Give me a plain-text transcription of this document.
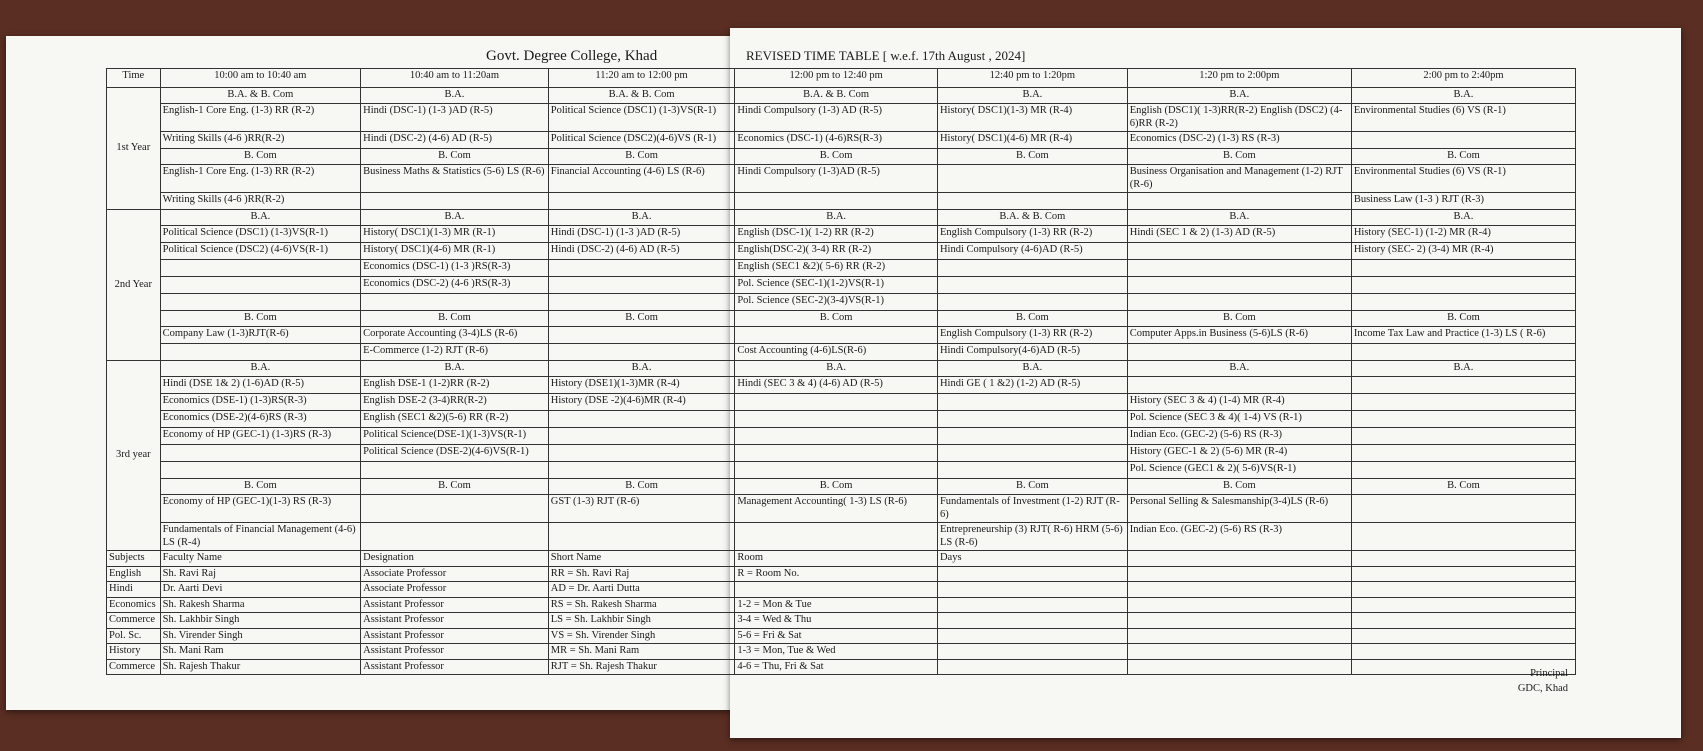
Govt. Degree College, Khad	REVISED TIME TABLE [ w.e.f. 17th August , 2024]
Time	10:00 am to 10:40 am	10:40 am to 11:20am	11:20 am to 12:00 pm	12:00 pm to 12:40 pm	12:40 pm to 1:20pm	1:20 pm to 2:00pm	2:00 pm to 2:40pm
1st Year	B.A. & B. Com	B.A.	B.A. & B. Com	B.A. & B. Com	B.A.	B.A.	B.A.
	English-1 Core Eng. (1-3) RR (R-2)	Hindi (DSC-1) (1-3 )AD (R-5)	Political Science (DSC1) (1-3)VS(R-1)	Hindi Compulsory (1-3) AD (R-5)	History( DSC1)(1-3) MR (R-4)	English (DSC1)( 1-3)RR(R-2) English (DSC2) (4-6)RR (R-2)	Environmental Studies (6) VS (R-1)
	Writing Skills (4-6 )RR(R-2)	Hindi (DSC-2) (4-6) AD (R-5)	Political Science (DSC2)(4-6)VS (R-1)	Economics (DSC-1) (4-6)RS(R-3)	History( DSC1)(4-6) MR (R-4)	Economics (DSC-2) (1-3) RS (R-3)	
	B. Com	B. Com	B. Com	B. Com	B. Com	B. Com	B. Com
	English-1 Core Eng. (1-3) RR (R-2)	Business Maths & Statistics (5-6) LS (R-6)	Financial Accounting (4-6) LS (R-6)	Hindi Compulsory (1-3)AD (R-5)		Business Organisation and Management (1-2) RJT (R-6)	Environmental Studies (6) VS (R-1)
	Writing Skills (4-6 )RR(R-2)						Business Law (1-3 ) RJT (R-3)
2nd Year	B.A.	B.A.	B.A.	B.A.	B.A. & B. Com	B.A.	B.A.
	Political Science (DSC1) (1-3)VS(R-1)	History( DSC1)(1-3) MR (R-1)	Hindi (DSC-1) (1-3 )AD (R-5)	English (DSC-1)( 1-2) RR (R-2)	English Compulsory (1-3) RR (R-2)	Hindi (SEC 1 & 2) (1-3) AD (R-5)	History (SEC-1) (1-2) MR (R-4)
	Political Science (DSC2) (4-6)VS(R-1)	History( DSC1)(4-6) MR (R-1)	Hindi (DSC-2) (4-6) AD (R-5)	English(DSC-2)( 3-4) RR (R-2)	Hindi Compulsory (4-6)AD (R-5)		History (SEC- 2) (3-4) MR (R-4)
		Economics (DSC-1) (1-3 )RS(R-3)		English (SEC1 &2)( 5-6) RR (R-2)			
		Economics (DSC-2) (4-6 )RS(R-3)		Pol. Science (SEC-1)(1-2)VS(R-1)			
				Pol. Science (SEC-2)(3-4)VS(R-1)			
	B. Com	B. Com	B. Com	B. Com	B. Com	B. Com	B. Com
	Company Law (1-3)RJT(R-6)	Corporate Accounting (3-4)LS (R-6)			English Compulsory (1-3) RR (R-2)	Computer Apps.in Business (5-6)LS (R-6)	Income Tax Law and Practice (1-3) LS ( R-6)
		E-Commerce (1-2) RJT (R-6)		Cost Accounting (4-6)LS(R-6)	Hindi Compulsory(4-6)AD (R-5)		
3rd year	B.A.	B.A.	B.A.	B.A.	B.A.	B.A.	B.A.
	Hindi (DSE 1& 2) (1-6)AD (R-5)	English DSE-1 (1-2)RR (R-2)	History (DSE1)(1-3)MR (R-4)	Hindi (SEC 3 & 4) (4-6) AD (R-5)	Hindi GE ( 1 &2) (1-2) AD (R-5)		
	Economics (DSE-1) (1-3)RS(R-3)	English DSE-2 (3-4)RR(R-2)	History (DSE -2)(4-6)MR (R-4)			History (SEC 3 & 4) (1-4) MR (R-4)	
	Economics (DSE-2)(4-6)RS (R-3)	English (SEC1 &2)(5-6) RR (R-2)				Pol. Science (SEC 3 & 4)( 1-4) VS (R-1)	
	Economy of HP (GEC-1) (1-3)RS (R-3)	Political Science(DSE-1)(1-3)VS(R-1)				Indian Eco. (GEC-2) (5-6) RS (R-3)	
		Political Science (DSE-2)(4-6)VS(R-1)				History (GEC-1 & 2) (5-6) MR (R-4)	
						Pol. Science (GEC1 & 2)( 5-6)VS(R-1)	
	B. Com	B. Com	B. Com	B. Com	B. Com	B. Com	B. Com
	Economy of HP (GEC-1)(1-3) RS (R-3)		GST (1-3) RJT (R-6)	Management Accounting( 1-3) LS (R-6)	Fundamentals of Investment (1-2) RJT (R-6)	Personal Selling & Salesmanship(3-4)LS (R-6)	
	Fundamentals of Financial Management (4-6) LS (R-4)				Entrepreneurship (3) RJT( R-6) HRM (5-6) LS (R-6)	Indian Eco. (GEC-2) (5-6) RS (R-3)	
Subjects	Faculty Name	Designation	Short Name	Room	Days		
English	Sh. Ravi Raj	Associate Professor	RR = Sh. Ravi Raj	R = Room No.			
Hindi	Dr. Aarti Devi	Associate Professor	AD = Dr. Aarti Dutta				
Economics	Sh. Rakesh Sharma	Assistant Professor	RS = Sh. Rakesh Sharma	1-2 = Mon & Tue			
Commerce	Sh. Lakhbir Singh	Assistant Professor	LS = Sh. Lakhbir Singh	3-4 = Wed & Thu			
Pol. Sc.	Sh. Virender Singh	Assistant Professor	VS = Sh. Virender Singh	5-6 = Fri & Sat			
History	Sh. Mani Ram	Assistant Professor	MR = Sh. Mani Ram	1-3 = Mon, Tue & Wed			
Commerce	Sh. Rajesh Thakur	Assistant Professor	RJT = Sh. Rajesh Thakur	4-6 = Thu, Fri & Sat			
Principal
GDC, Khad
